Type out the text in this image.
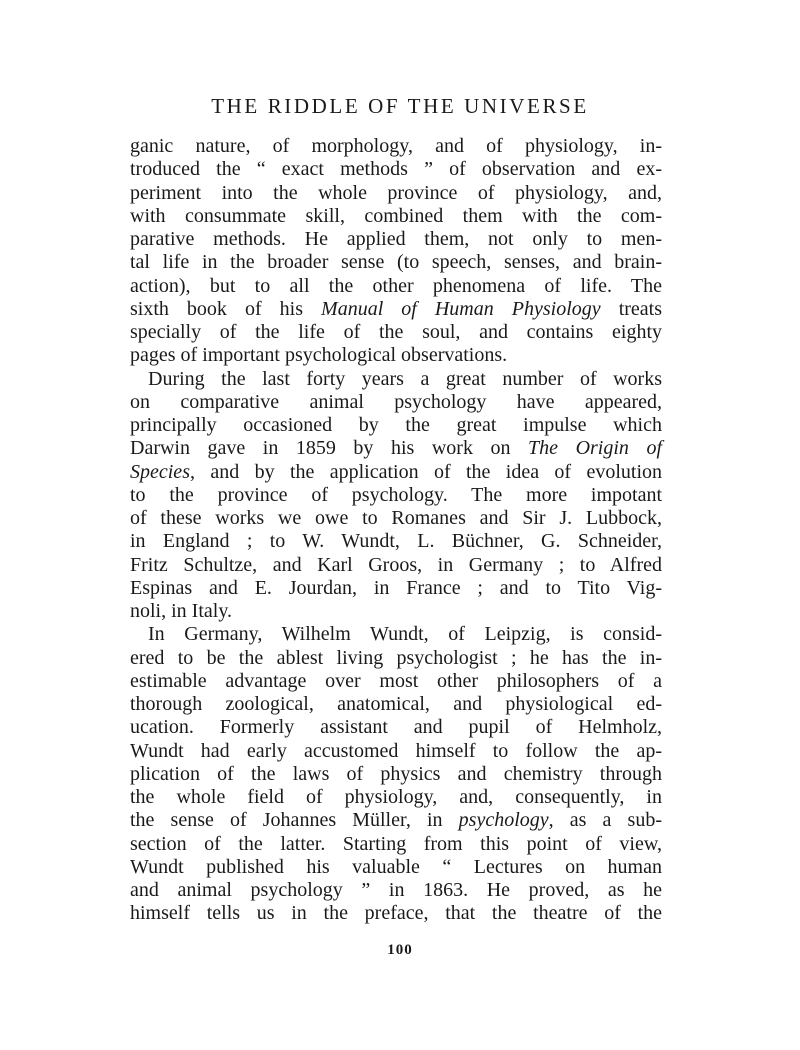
THE RIDDLE OF THE UNIVERSE
ganic nature, of morphology, and of physiology, in-
troduced the “ exact methods ” of observation and ex-
periment into the whole province of physiology, and,
with consummate skill, combined them with the com-
parative methods. He applied them, not only to men-
tal life in the broader sense (to speech, senses, and brain-
action), but to all the other phenomena of life. The
sixth book of his Manual of Human Physiology treats
specially of the life of the soul, and contains eighty
pages of important psychological observations.
During the last forty years a great number of works
on comparative animal psychology have appeared,
principally occasioned by the great impulse which
Darwin gave in 1859 by his work on The Origin of
Species, and by the application of the idea of evolution
to the province of psychology. The more impotant
of these works we owe to Romanes and Sir J. Lubbock,
in England ; to W. Wundt, L. Büchner, G. Schneider,
Fritz Schultze, and Karl Groos, in Germany ; to Alfred
Espinas and E. Jourdan, in France ; and to Tito Vig-
noli, in Italy.
In Germany, Wilhelm Wundt, of Leipzig, is consid-
ered to be the ablest living psychologist ; he has the in-
estimable advantage over most other philosophers of a
thorough zoological, anatomical, and physiological ed-
ucation. Formerly assistant and pupil of Helmholz,
Wundt had early accustomed himself to follow the ap-
plication of the laws of physics and chemistry through
the whole field of physiology, and, consequently, in
the sense of Johannes Müller, in psychology, as a sub-
section of the latter. Starting from this point of view,
Wundt published his valuable “ Lectures on human
and animal psychology ” in 1863. He proved, as he
himself tells us in the preface, that the theatre of the
100
